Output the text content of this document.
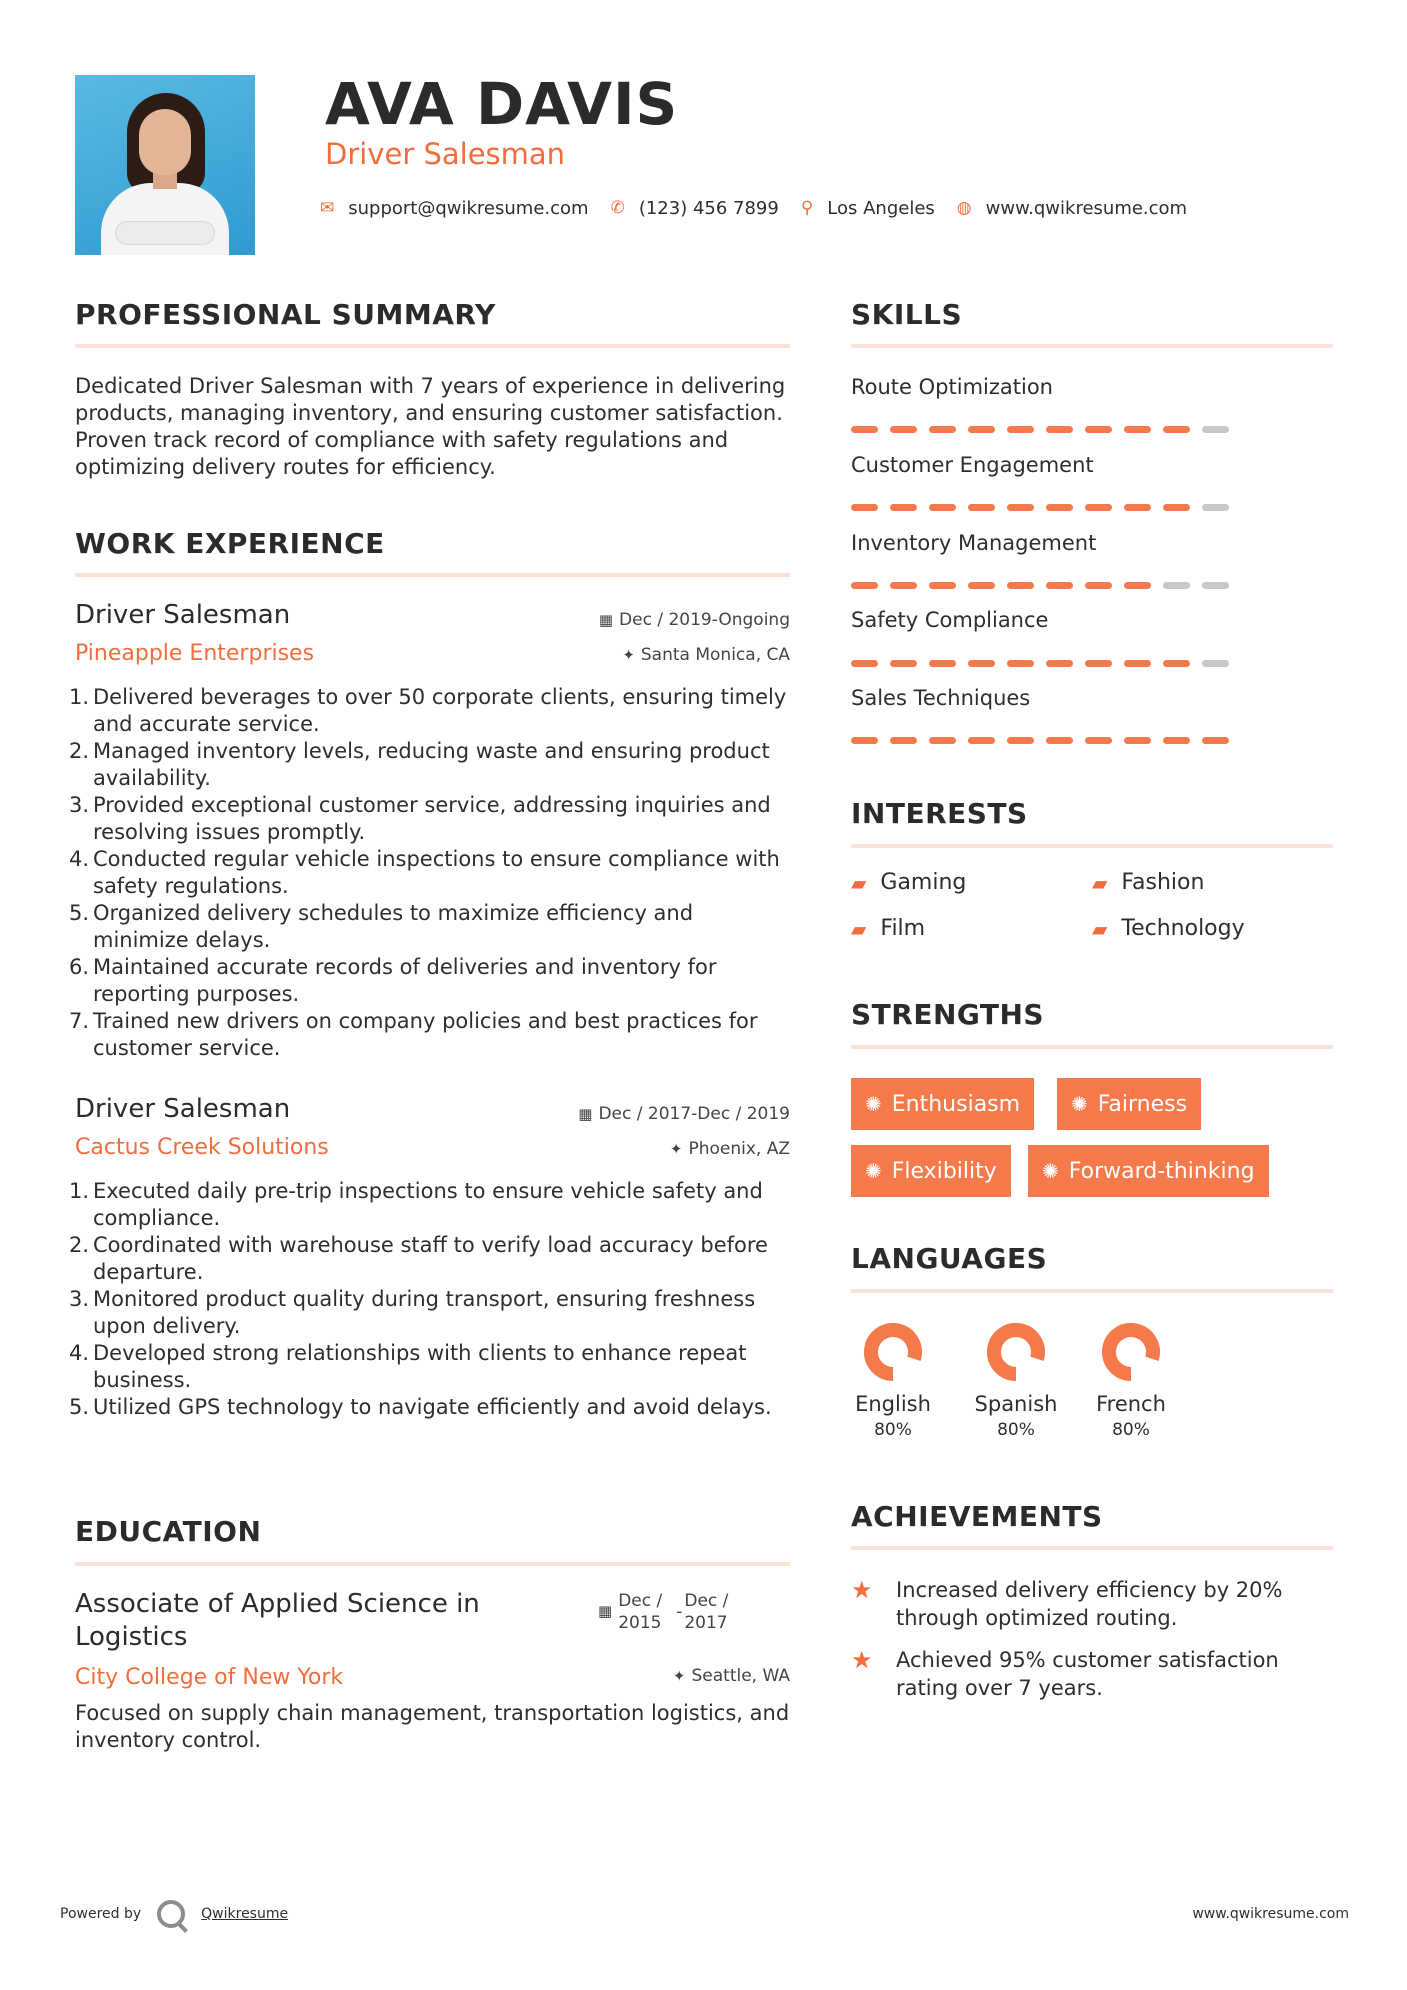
AVA DAVIS
Driver Salesman
✉ support@qwikresume.com ✆ (123) 456 7899 ⚲ Los Angeles ◍ www.qwikresume.com
PROFESSIONAL SUMMARY
Dedicated Driver Salesman with 7 years of experience in delivering products, managing inventory, and ensuring customer satisfaction. Proven track record of compliance with safety regulations and optimizing delivery routes for efficiency.
WORK EXPERIENCE
Driver Salesman	▦ Dec / 2019-Ongoing
Pineapple Enterprises	✦ Santa Monica, CA
1. Delivered beverages to over 50 corporate clients, ensuring timely and accurate service.
2. Managed inventory levels, reducing waste and ensuring product availability.
3. Provided exceptional customer service, addressing inquiries and resolving issues promptly.
4. Conducted regular vehicle inspections to ensure compliance with safety regulations.
5. Organized delivery schedules to maximize efficiency and minimize delays.
6. Maintained accurate records of deliveries and inventory for reporting purposes.
7. Trained new drivers on company policies and best practices for customer service.
Driver Salesman	▦ Dec / 2017-Dec / 2019
Cactus Creek Solutions	✦ Phoenix, AZ
1. Executed daily pre-trip inspections to ensure vehicle safety and compliance.
2. Coordinated with warehouse staff to verify load accuracy before departure.
3. Monitored product quality during transport, ensuring freshness upon delivery.
4. Developed strong relationships with clients to enhance repeat business.
5. Utilized GPS technology to navigate efficiently and avoid delays.
EDUCATION
Associate of Applied Science in
Logistics
▦ Dec /
2015
-
Dec /
2017
City College of New York	✦ Seattle, WA
Focused on supply chain management, transportation logistics, and inventory control.
SKILLS
Route Optimization
Customer Engagement
Inventory Management
Safety Compliance
Sales Techniques
INTERESTS
▰ Gaming	▰ Fashion
▰ Film	▰ Technology
STRENGTHS
✺ Enthusiasm	✺ Fairness
✺ Flexibility ✺ Forward-thinking
LANGUAGES
English
80%
Spanish
80%
French
80%
ACHIEVEMENTS
★	Increased delivery efficiency by 20% through optimized routing.
★	Achieved 95% customer satisfaction rating over 7 years.
Powered by	Qwikresume	www.qwikresume.com
